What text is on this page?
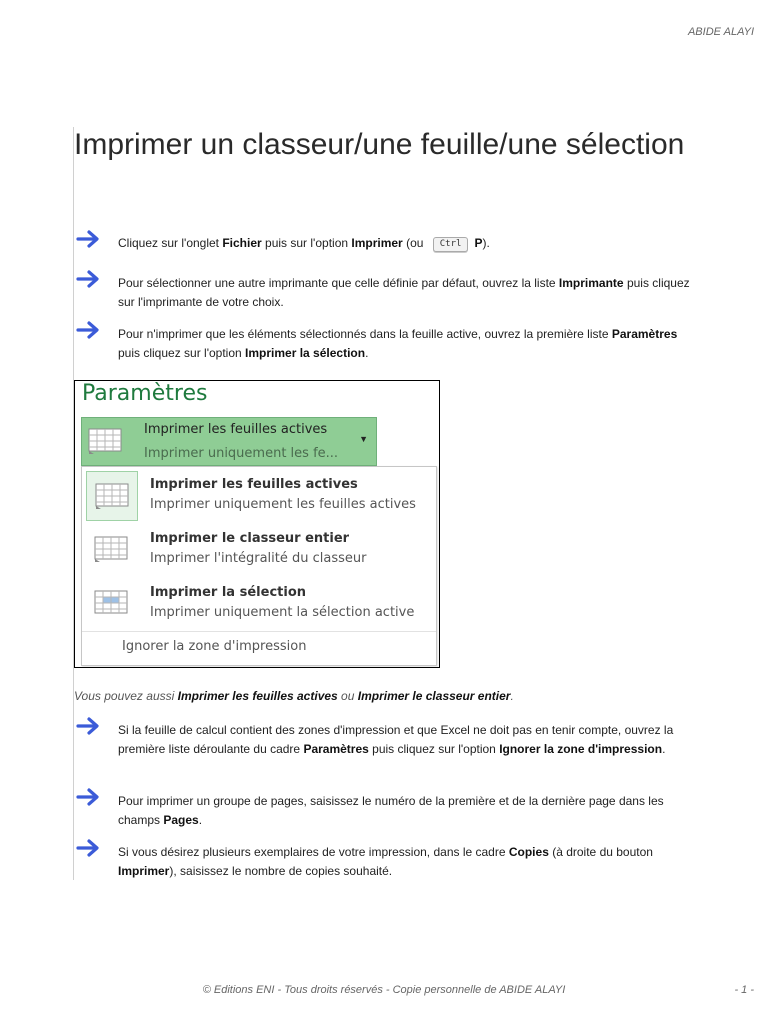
ABIDE ALAYI
Imprimer un classeur/une feuille/une sélection
Cliquez sur l'onglet Fichier puis sur l'option Imprimer (ou Ctrl P).
Pour sélectionner une autre imprimante que celle définie par défaut, ouvrez la liste Imprimante puis cliquez sur l'imprimante de votre choix.
Pour n'imprimer que les éléments sélectionnés dans la feuille active, ouvrez la première liste Paramètres puis cliquez sur l'option Imprimer la sélection.
Paramètres
Imprimer les feuilles actives
Imprimer uniquement les fe...
▼
Imprimer les feuilles actives
Imprimer uniquement les feuilles actives
Imprimer le classeur entier
Imprimer l'intégralité du classeur
Imprimer la sélection
Imprimer uniquement la sélection active
Ignorer la zone d'impression
Vous pouvez aussi Imprimer les feuilles actives ou Imprimer le classeur entier.
Si la feuille de calcul contient des zones d'impression et que Excel ne doit pas en tenir compte, ouvrez la première liste déroulante du cadre Paramètres puis cliquez sur l'option Ignorer la zone d'impression.
Pour imprimer un groupe de pages, saisissez le numéro de la première et de la dernière page dans les champs Pages.
Si vous désirez plusieurs exemplaires de votre impression, dans le cadre Copies (à droite du bouton Imprimer), saisissez le nombre de copies souhaité.
© Editions ENI - Tous droits réservés - Copie personnelle de ABIDE ALAYI	- 1 -
